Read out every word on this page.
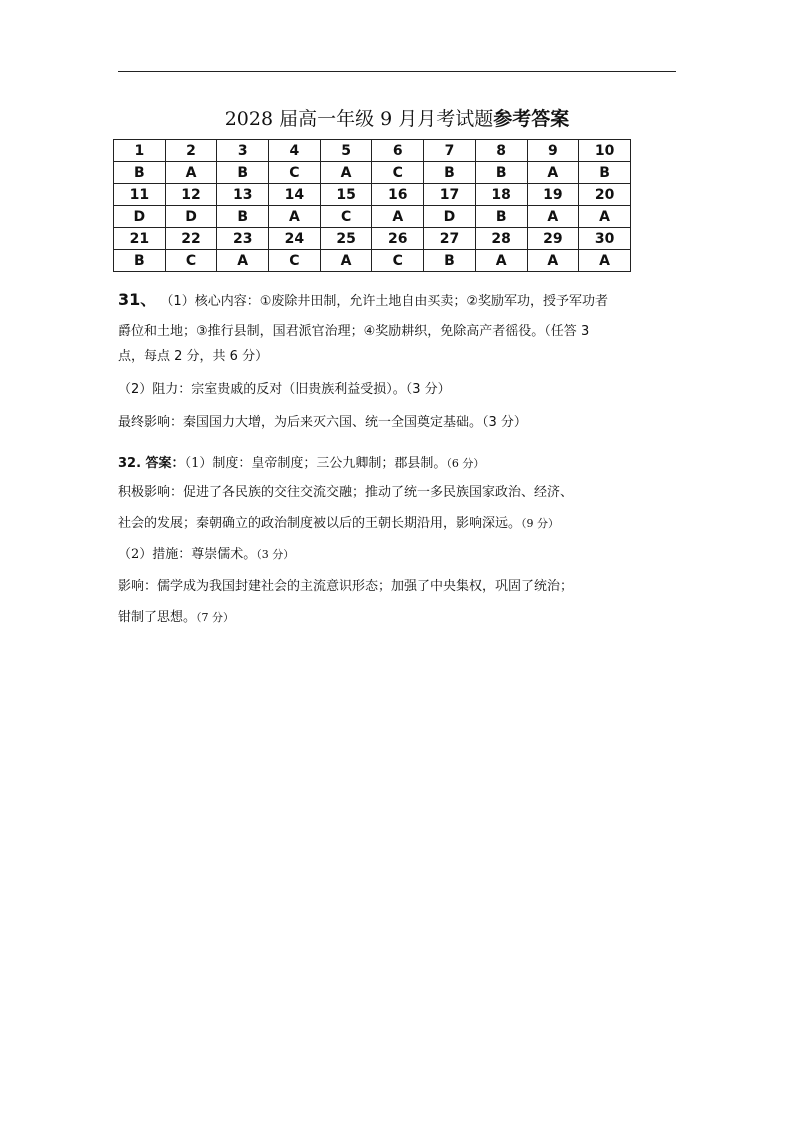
2028 届高一年级 9 月月考试题参考答案
1	2	3	4	5	6	7	8	9	10
B	A	B	C	A	C	B	B	A	B
11	12	13	14	15	16	17	18	19	20
D	D	B	A	C	A	D	B	A	A
21	22	23	24	25	26	27	28	29	30
B	C	A	C	A	C	B	A	A	A
31、 （1）核心内容：①废除井田制，允许土地自由买卖；②奖励军功，授予军功者
爵位和土地；③推行县制，国君派官治理；④奖励耕织，免除高产者徭役。（任答 3
点，每点 2 分，共 6 分）
（2）阻力：宗室贵戚的反对（旧贵族利益受损）。（3 分）
最终影响：秦国国力大增，为后来灭六国、统一全国奠定基础。（3 分）
32. 答案：（1）制度：皇帝制度；三公九卿制；郡县制。（6 分）
积极影响：促进了各民族的交往交流交融；推动了统一多民族国家政治、经济、
社会的发展；秦朝确立的政治制度被以后的王朝长期沿用，影响深远。（9 分）
（2）措施：尊崇儒术。（3 分）
影响：儒学成为我国封建社会的主流意识形态；加强了中央集权，巩固了统治；
钳制了思想。（7 分）
